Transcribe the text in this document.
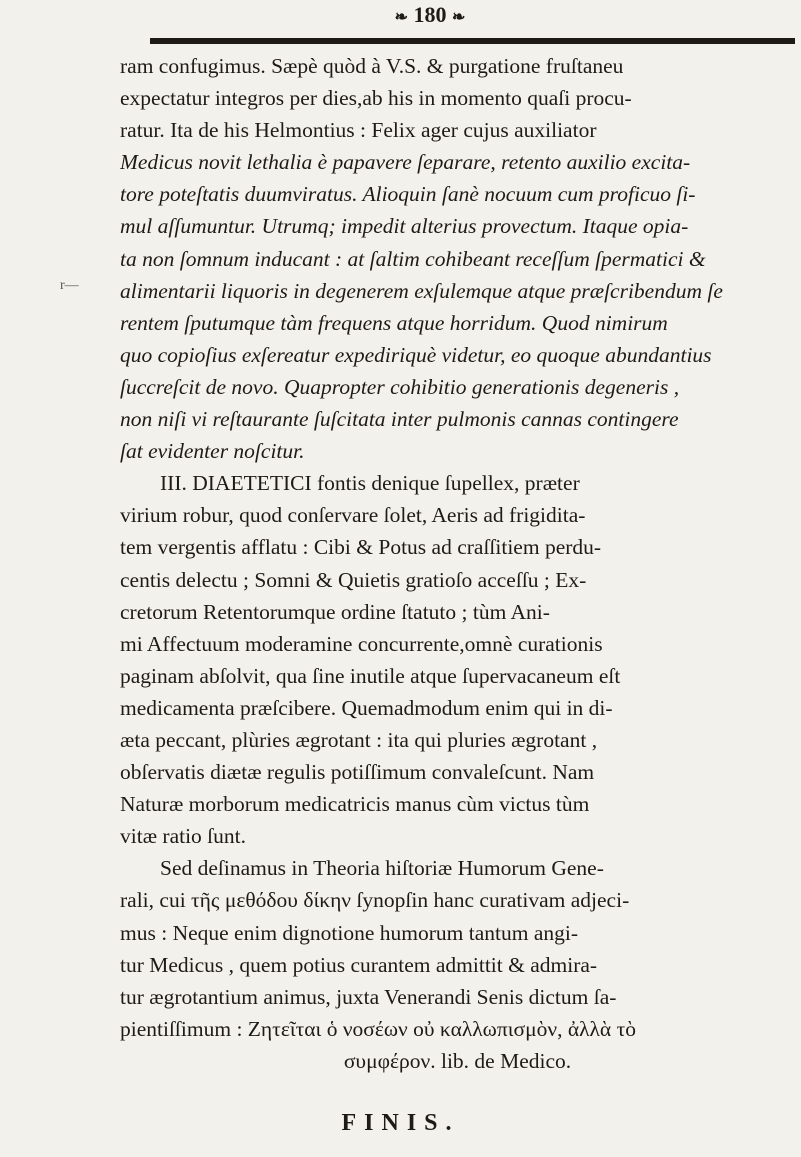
❧ 180 ❧
r—
ram confugimus. Sæpè quòd à V.S. & purgatione fruſtaneu
expectatur integros per dies,ab his in momento quaſi procu-
ratur. Ita de his Helmontius : Felix ager cujus auxiliator
Medicus novit lethalia è papavere ſeparare, retento auxilio excita-
tore poteſtatis duumviratus. Alioquin ſanè nocuum cum proficuo ſi-
mul aſſumuntur. Utrumq; impedit alterius provectum. Itaque opia-
ta non ſomnum inducant : at ſaltim cohibeant receſſum ſpermatici &
alimentarii liquoris in degenerem exſulemque atque præſcribendum ſe
rentem ſputumque tàm frequens atque horridum. Quod nimirum
quo copioſius exſereatur expediriquè videtur, eo quoque abundantius
ſuccreſcit de novo. Quapropter cohibitio generationis degeneris ,
non niſi vi reſtaurante ſuſcitata inter pulmonis cannas contingere
ſat evidenter noſcitur.
III. DIAETETICI fontis denique ſupellex, præter
virium robur, quod conſervare ſolet, Aeris ad frigidita-
tem vergentis afflatu : Cibi & Potus ad craſſitiem perdu-
centis delectu ; Somni & Quietis gratioſo acceſſu ; Ex-
cretorum Retentorumque ordine ſtatuto ; tùm Ani-
mi Affectuum moderamine concurrente,omnè curationis
paginam abſolvit, qua ſine inutile atque ſupervacaneum eſt
medicamenta præſcibere. Quemadmodum enim qui in di-
æta peccant, plùries ægrotant : ita qui pluries ægrotant ,
obſervatis diætæ regulis potiſſimum convaleſcunt. Nam
Naturæ morborum medicatricis manus cùm victus tùm
vitæ ratio ſunt.
Sed deſinamus in Theoria hiſtoriæ Humorum Gene-
rali, cui τῆς μεθόδου δίκην ſynopſin hanc curativam adjeci-
mus : Neque enim dignotione humorum tantum angi-
tur Medicus , quem potius curantem admittit & admira-
tur ægrotantium animus, juxta Venerandi Senis dictum ſa-
pientiſſimum : Ζητεῖται ὁ νοσέων οὐ καλλωπισμὸν, ἀλλὰ τὸ
συμφέρον. lib. de Medico.
FINIS.
